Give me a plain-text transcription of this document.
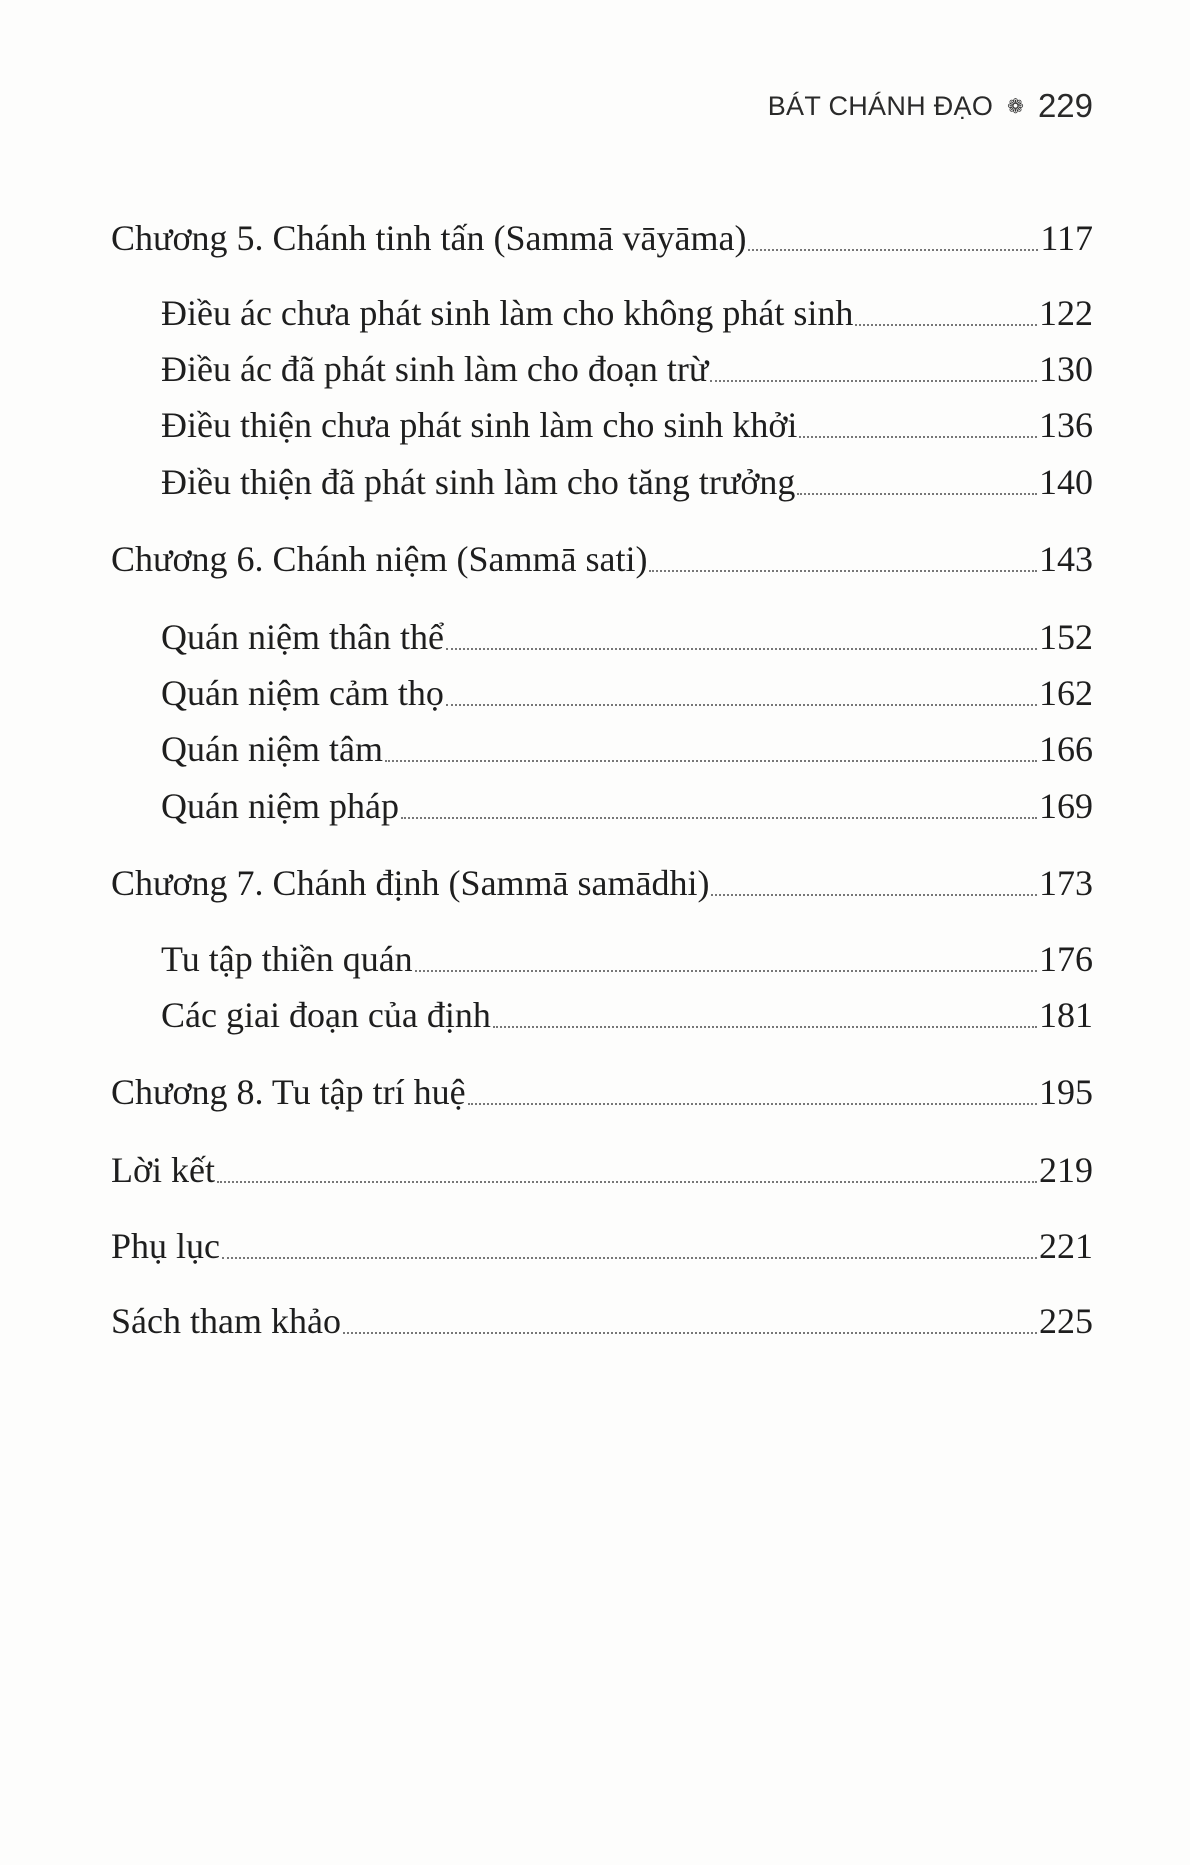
BÁT CHÁNH ĐẠO ❁ 229
Chương 5. Chánh tinh tấn (Sammā vāyāma)	117
Điều ác chưa phát sinh làm cho không phát sinh	122
Điều ác đã phát sinh làm cho đoạn trừ	130
Điều thiện chưa phát sinh làm cho sinh khởi	136
Điều thiện đã phát sinh làm cho tăng trưởng	140
Chương 6. Chánh niệm (Sammā sati)	143
Quán niệm thân thể	152
Quán niệm cảm thọ	162
Quán niệm tâm	166
Quán niệm pháp	169
Chương 7. Chánh định (Sammā samādhi)	173
Tu tập thiền quán	176
Các giai đoạn của định	181
Chương 8. Tu tập trí huệ	195
Lời kết	219
Phụ lục	221
Sách tham khảo	225
